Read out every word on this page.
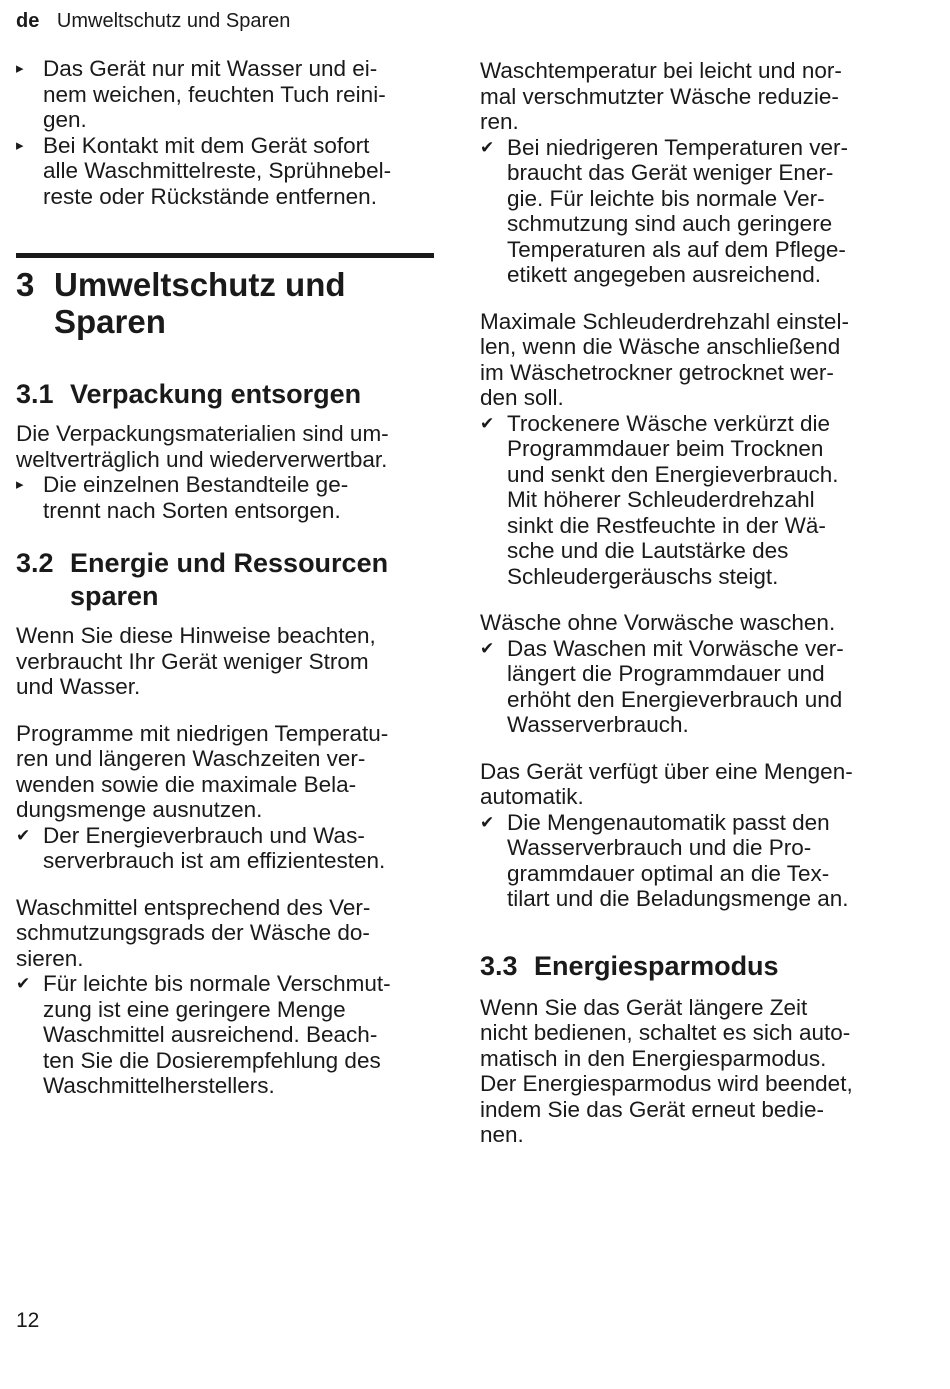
de Umweltschutz und Sparen
▸ Das Gerät nur mit Wasser und ei-
nem weichen, feuchten Tuch reini-
gen.
▸ Bei Kontakt mit dem Gerät sofort
alle Waschmittelreste, Sprühnebel-
reste oder Rückstände entfernen.
3 Umweltschutz und
Sparen
3.1 Verpackung entsorgen

Die Verpackungsmaterialien sind um-
weltverträglich und wiederverwertbar.

▸ Die einzelnen Bestandteile ge-
trennt nach Sorten entsorgen.
3.2 Energie und Ressourcen
sparen

Wenn Sie diese Hinweise beachten,
verbraucht Ihr Gerät weniger Strom
und Wasser.

Programme mit niedrigen Temperatu-
ren und längeren Waschzeiten ver-
wenden sowie die maximale Bela-
dungsmenge ausnutzen.

✔ Der Energieverbrauch und Was-
serverbrauch ist am effizientesten.

Waschmittel entsprechend des Ver-
schmutzungsgrads der Wäsche do-
sieren.

✔ Für leichte bis normale Verschmut-
zung ist eine geringere Menge
Waschmittel ausreichend. Beach-
ten Sie die Dosierempfehlung des
Waschmittelherstellers.

Waschtemperatur bei leicht und nor-
mal verschmutzter Wäsche reduzie-
ren.

✔ Bei niedrigeren Temperaturen ver-
braucht das Gerät weniger Ener-
gie. Für leichte bis normale Ver-
schmutzung sind auch geringere
Temperaturen als auf dem Pflege-
etikett angegeben ausreichend.

Maximale Schleuderdrehzahl einstel-
len, wenn die Wäsche anschließend
im Wäschetrockner getrocknet wer-
den soll.

✔ Trockenere Wäsche verkürzt die
Programmdauer beim Trocknen
und senkt den Energieverbrauch.
Mit höherer Schleuderdrehzahl
sinkt die Restfeuchte in der Wä-
sche und die Lautstärke des
Schleudergeräuschs steigt.

Wäsche ohne Vorwäsche waschen.

✔ Das Waschen mit Vorwäsche ver-
längert die Programmdauer und
erhöht den Energieverbrauch und
Wasserverbrauch.

Das Gerät verfügt über eine Mengen-
automatik.

✔ Die Mengenautomatik passt den
Wasserverbrauch und die Pro-
grammdauer optimal an die Tex-
tilart und die Beladungsmenge an.
3.3 Energiesparmodus

Wenn Sie das Gerät längere Zeit
nicht bedienen, schaltet es sich auto-
matisch in den Energiesparmodus.
Der Energiesparmodus wird beendet,
indem Sie das Gerät erneut bedie-
nen.

12
